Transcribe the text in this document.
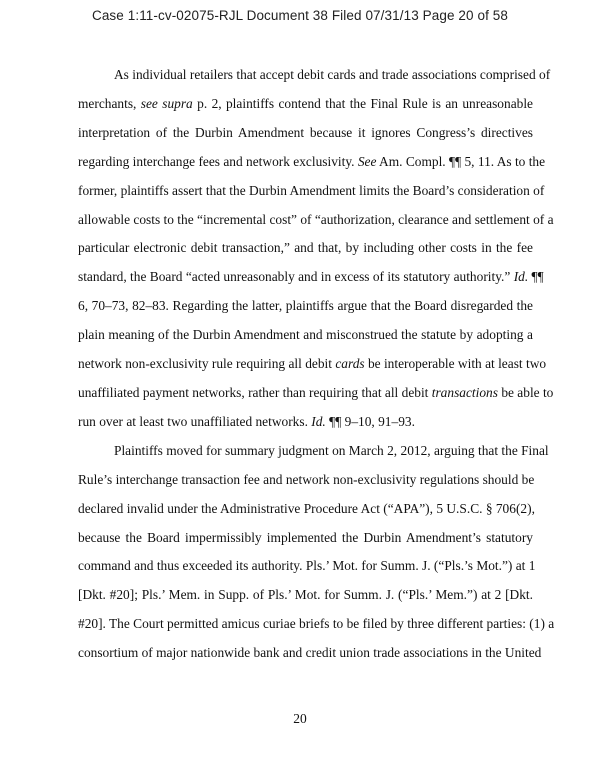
Case 1:11-cv-02075-RJL Document 38 Filed 07/31/13 Page 20 of 58
As individual retailers that accept debit cards and trade associations comprised of
merchants, see supra p. 2, plaintiffs contend that the Final Rule is an unreasonable
interpretation of the Durbin Amendment because it ignores Congress’s directives
regarding interchange fees and network exclusivity. See Am. Compl. ¶¶ 5, 11. As to the
former, plaintiffs assert that the Durbin Amendment limits the Board’s consideration of
allowable costs to the “incremental cost” of “authorization, clearance and settlement of a
particular electronic debit transaction,” and that, by including other costs in the fee
standard, the Board “acted unreasonably and in excess of its statutory authority.” Id. ¶¶
6, 70–73, 82–83. Regarding the latter, plaintiffs argue that the Board disregarded the
plain meaning of the Durbin Amendment and misconstrued the statute by adopting a
network non-exclusivity rule requiring all debit cards be interoperable with at least two
unaffiliated payment networks, rather than requiring that all debit transactions be able to
run over at least two unaffiliated networks. Id. ¶¶ 9–10, 91–93.
Plaintiffs moved for summary judgment on March 2, 2012, arguing that the Final
Rule’s interchange transaction fee and network non-exclusivity regulations should be
declared invalid under the Administrative Procedure Act (“APA”), 5 U.S.C. § 706(2),
because the Board impermissibly implemented the Durbin Amendment’s statutory
command and thus exceeded its authority. Pls.’ Mot. for Summ. J. (“Pls.’s Mot.”) at 1
[Dkt. #20]; Pls.’ Mem. in Supp. of Pls.’ Mot. for Summ. J. (“Pls.’ Mem.”) at 2 [Dkt.
#20]. The Court permitted amicus curiae briefs to be filed by three different parties: (1) a
consortium of major nationwide bank and credit union trade associations in the United
20
